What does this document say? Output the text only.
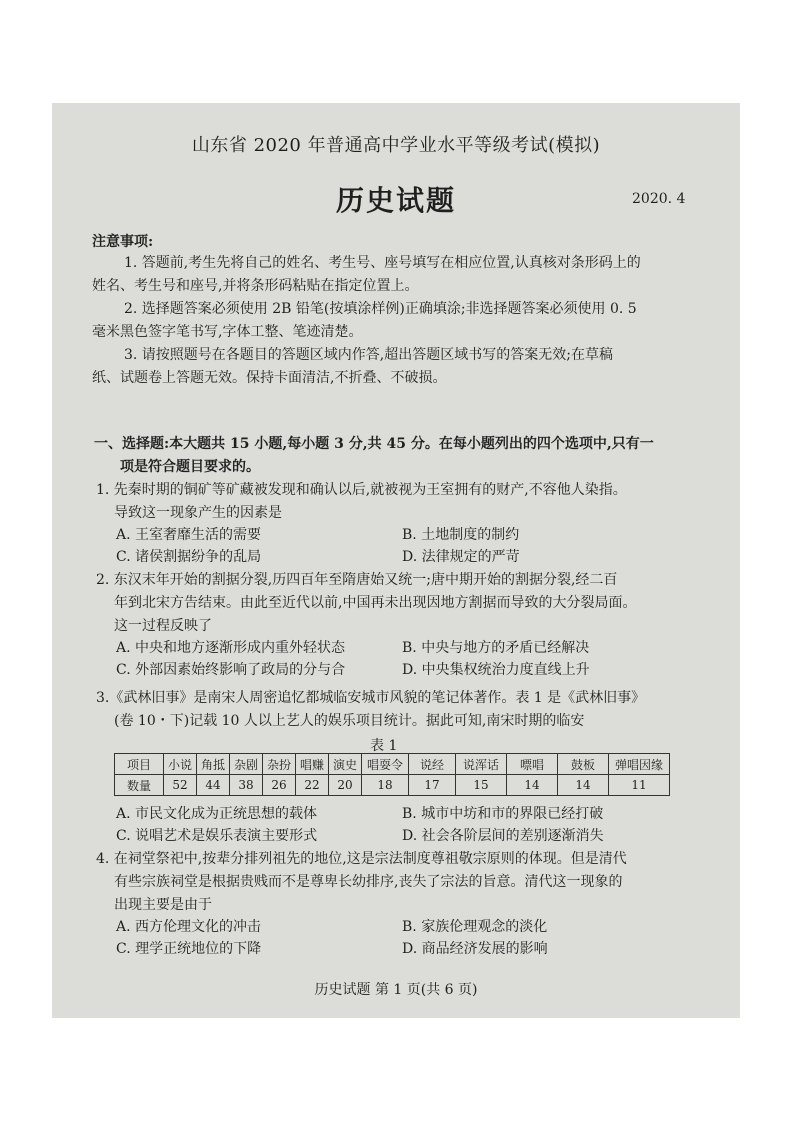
山东省 2020 年普通高中学业水平等级考试(模拟)
历史试题	2020. 4
注意事项:
1. 答题前,考生先将自己的姓名、考生号、座号填写在相应位置,认真核对条形码上的
姓名、考生号和座号,并将条形码粘贴在指定位置上。
2. 选择题答案必须使用 2B 铅笔(按填涂样例)正确填涂;非选择题答案必须使用 0. 5
毫米黑色签字笔书写,字体工整、笔迹清楚。
3. 请按照题号在各题目的答题区域内作答,超出答题区域书写的答案无效;在草稿
纸、试题卷上答题无效。保持卡面清洁,不折叠、不破损。
一、选择题:本大题共 15 小题,每小题 3 分,共 45 分。在每小题列出的四个选项中,只有一
项是符合题目要求的。
1. 先秦时期的铜矿等矿藏被发现和确认以后,就被视为王室拥有的财产,不容他人染指。
导致这一现象产生的因素是
A. 王室奢靡生活的需要	B. 土地制度的制约
C. 诸侯割据纷争的乱局	D. 法律规定的严苛
2. 东汉末年开始的割据分裂,历四百年至隋唐始又统一;唐中期开始的割据分裂,经二百
年到北宋方告结束。由此至近代以前,中国再未出现因地方割据而导致的大分裂局面。
这一过程反映了
A. 中央和地方逐渐形成内重外轻状态	B. 中央与地方的矛盾已经解决
C. 外部因素始终影响了政局的分与合	D. 中央集权统治力度直线上升
3.《武林旧事》是南宋人周密追忆都城临安城市风貌的笔记体著作。表 1 是《武林旧事》
(卷 10・下)记载 10 人以上艺人的娱乐项目统计。据此可知,南宋时期的临安
表 1
项目	小说	角抵	杂剧	杂扮	唱赚	演史	唱耍令	说经	说浑话	嘌唱	鼓板	弹唱因缘
数量	52	44	38	26	22	20	18	17	15	14	14	11
A. 市民文化成为正统思想的载体	B. 城市中坊和市的界限已经打破
C. 说唱艺术是娱乐表演主要形式	D. 社会各阶层间的差别逐渐消失
4. 在祠堂祭祀中,按辈分排列祖先的地位,这是宗法制度尊祖敬宗原则的体现。但是清代
有些宗族祠堂是根据贵贱而不是尊卑长幼排序,丧失了宗法的旨意。清代这一现象的
出现主要是由于
A. 西方伦理文化的冲击	B. 家族伦理观念的淡化
C. 理学正统地位的下降	D. 商品经济发展的影响
历史试题 第 1 页(共 6 页)
